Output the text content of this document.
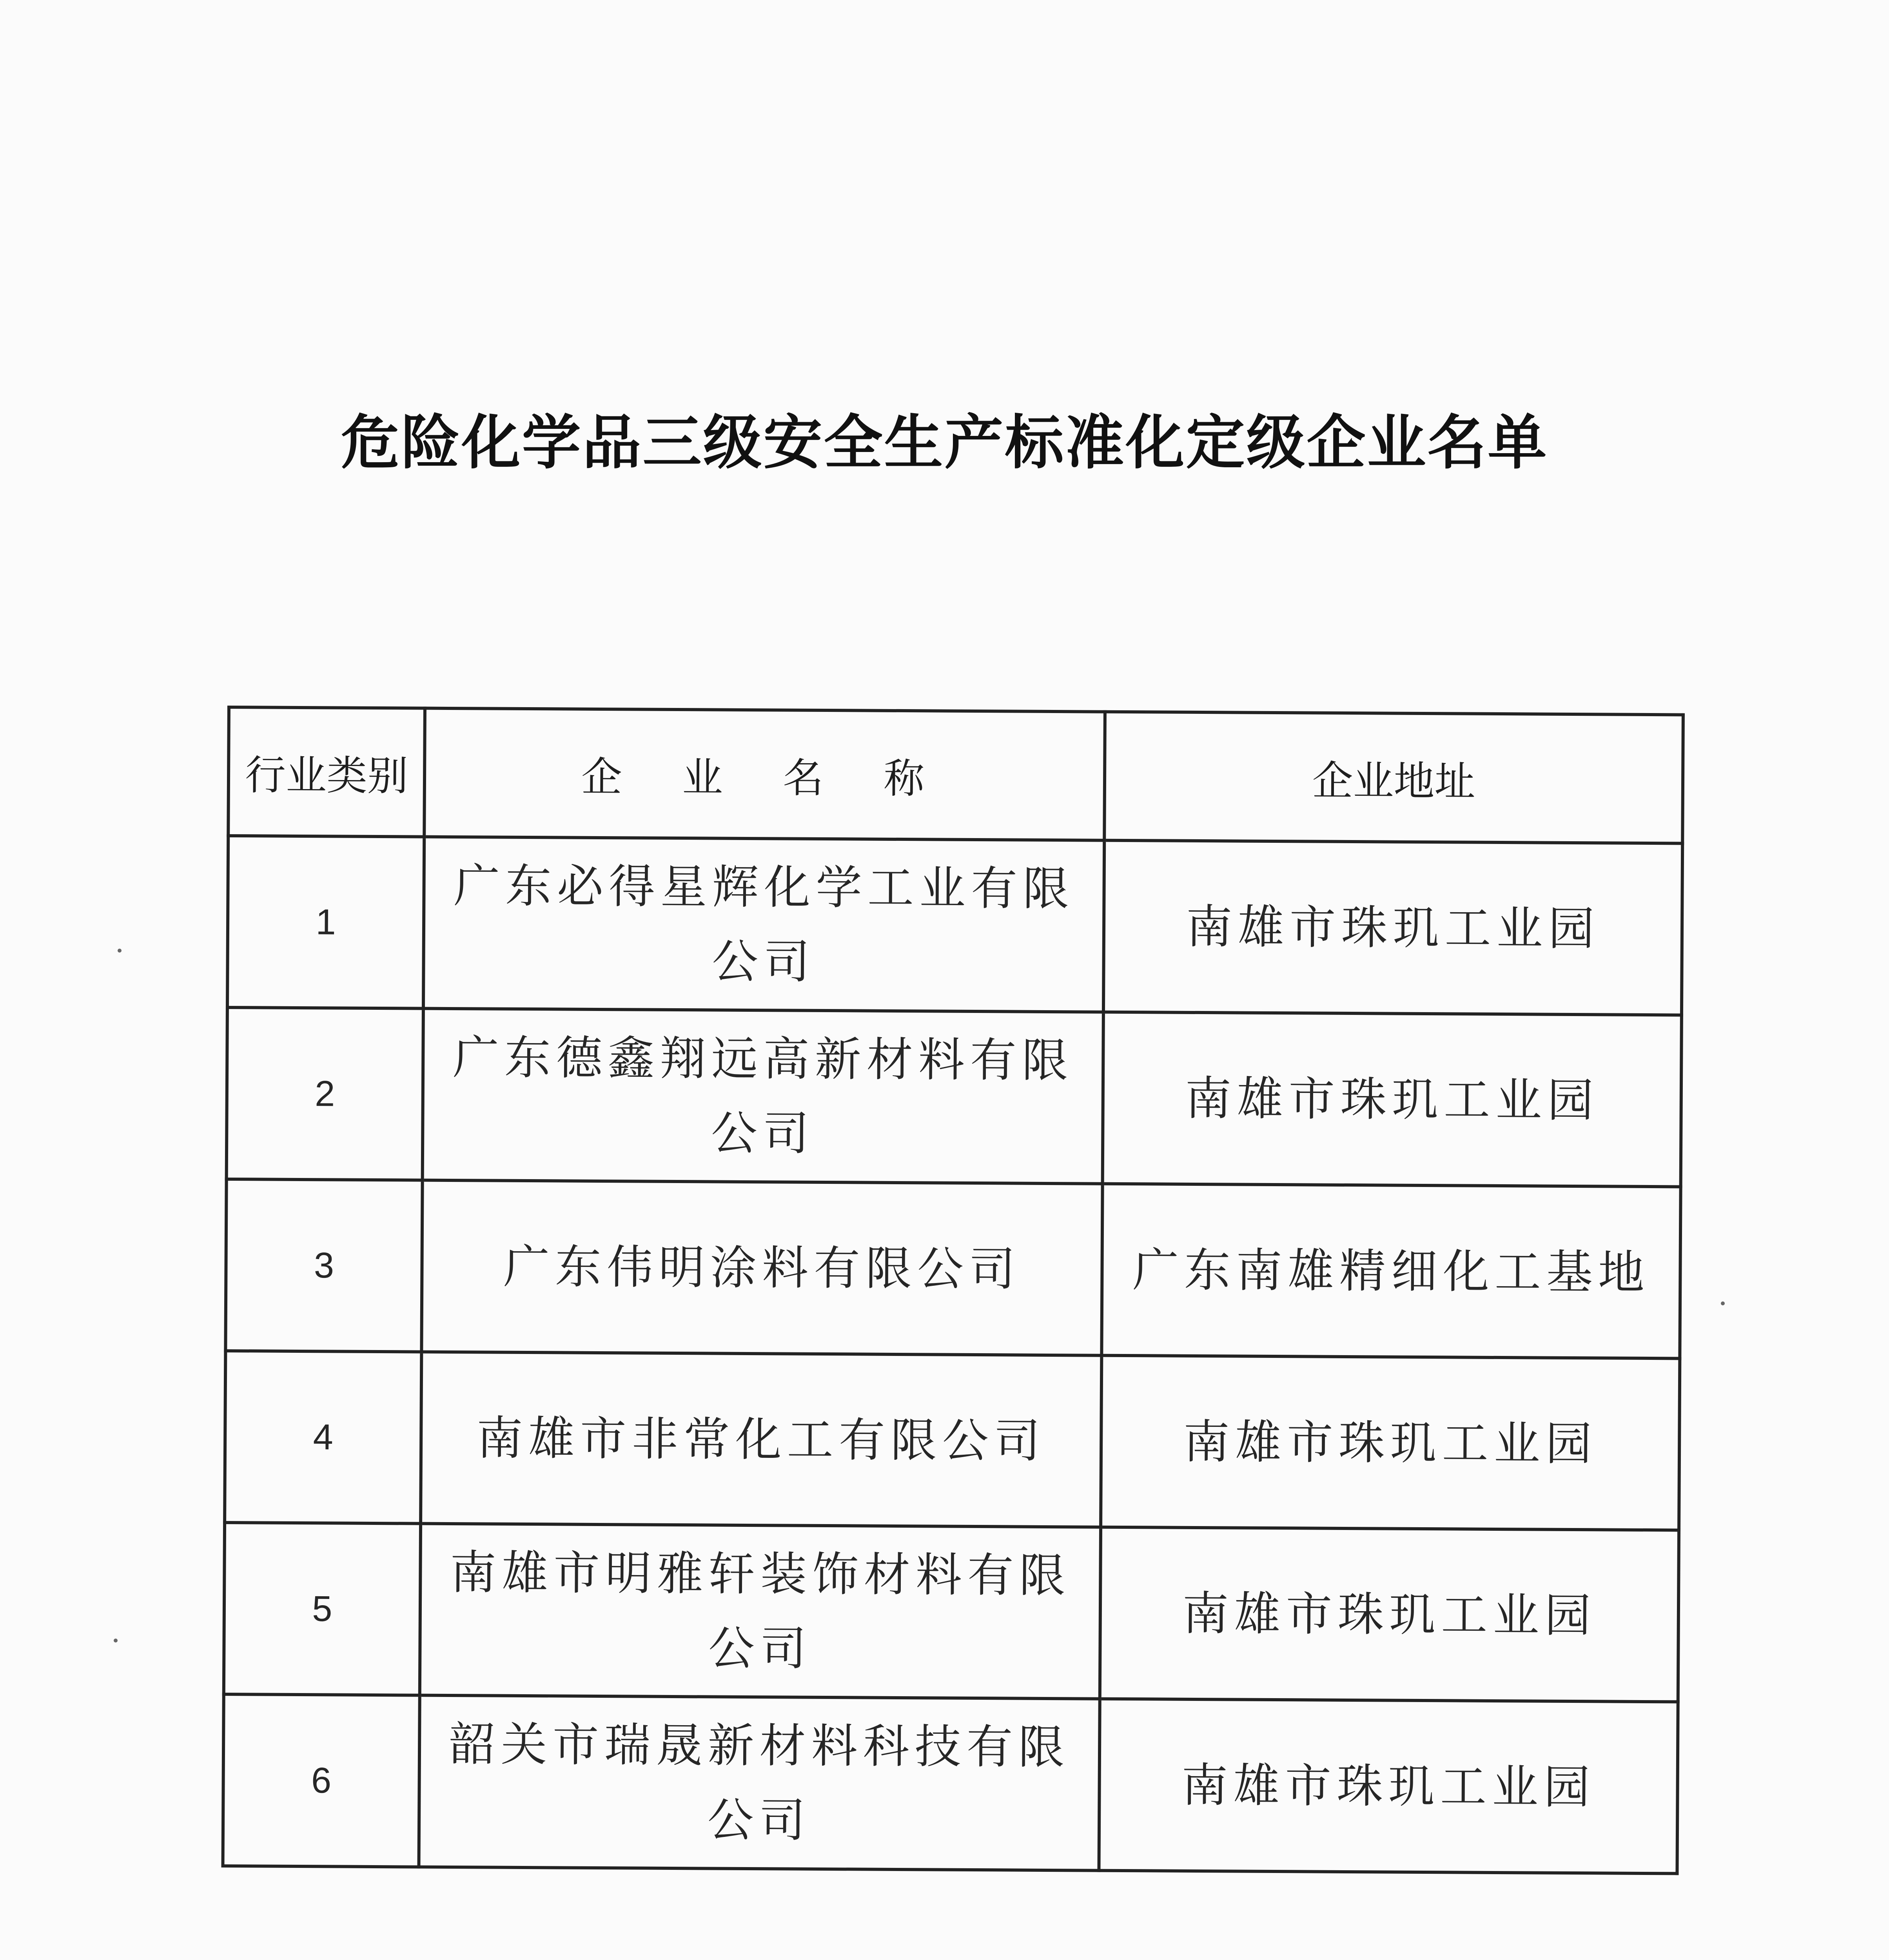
危险化学品三级安全生产标准化定级企业名单
行业类别	企 业 名 称	企业地址
1	广东必得星辉化学工业有限公司	南雄市珠玑工业园
2	广东德鑫翔远高新材料有限公司	南雄市珠玑工业园
3	广东伟明涂料有限公司	广东南雄精细化工基地
4	南雄市非常化工有限公司	南雄市珠玑工业园
5	南雄市明雅轩装饰材料有限公司	南雄市珠玑工业园
6	韶关市瑞晟新材料科技有限公司	南雄市珠玑工业园
